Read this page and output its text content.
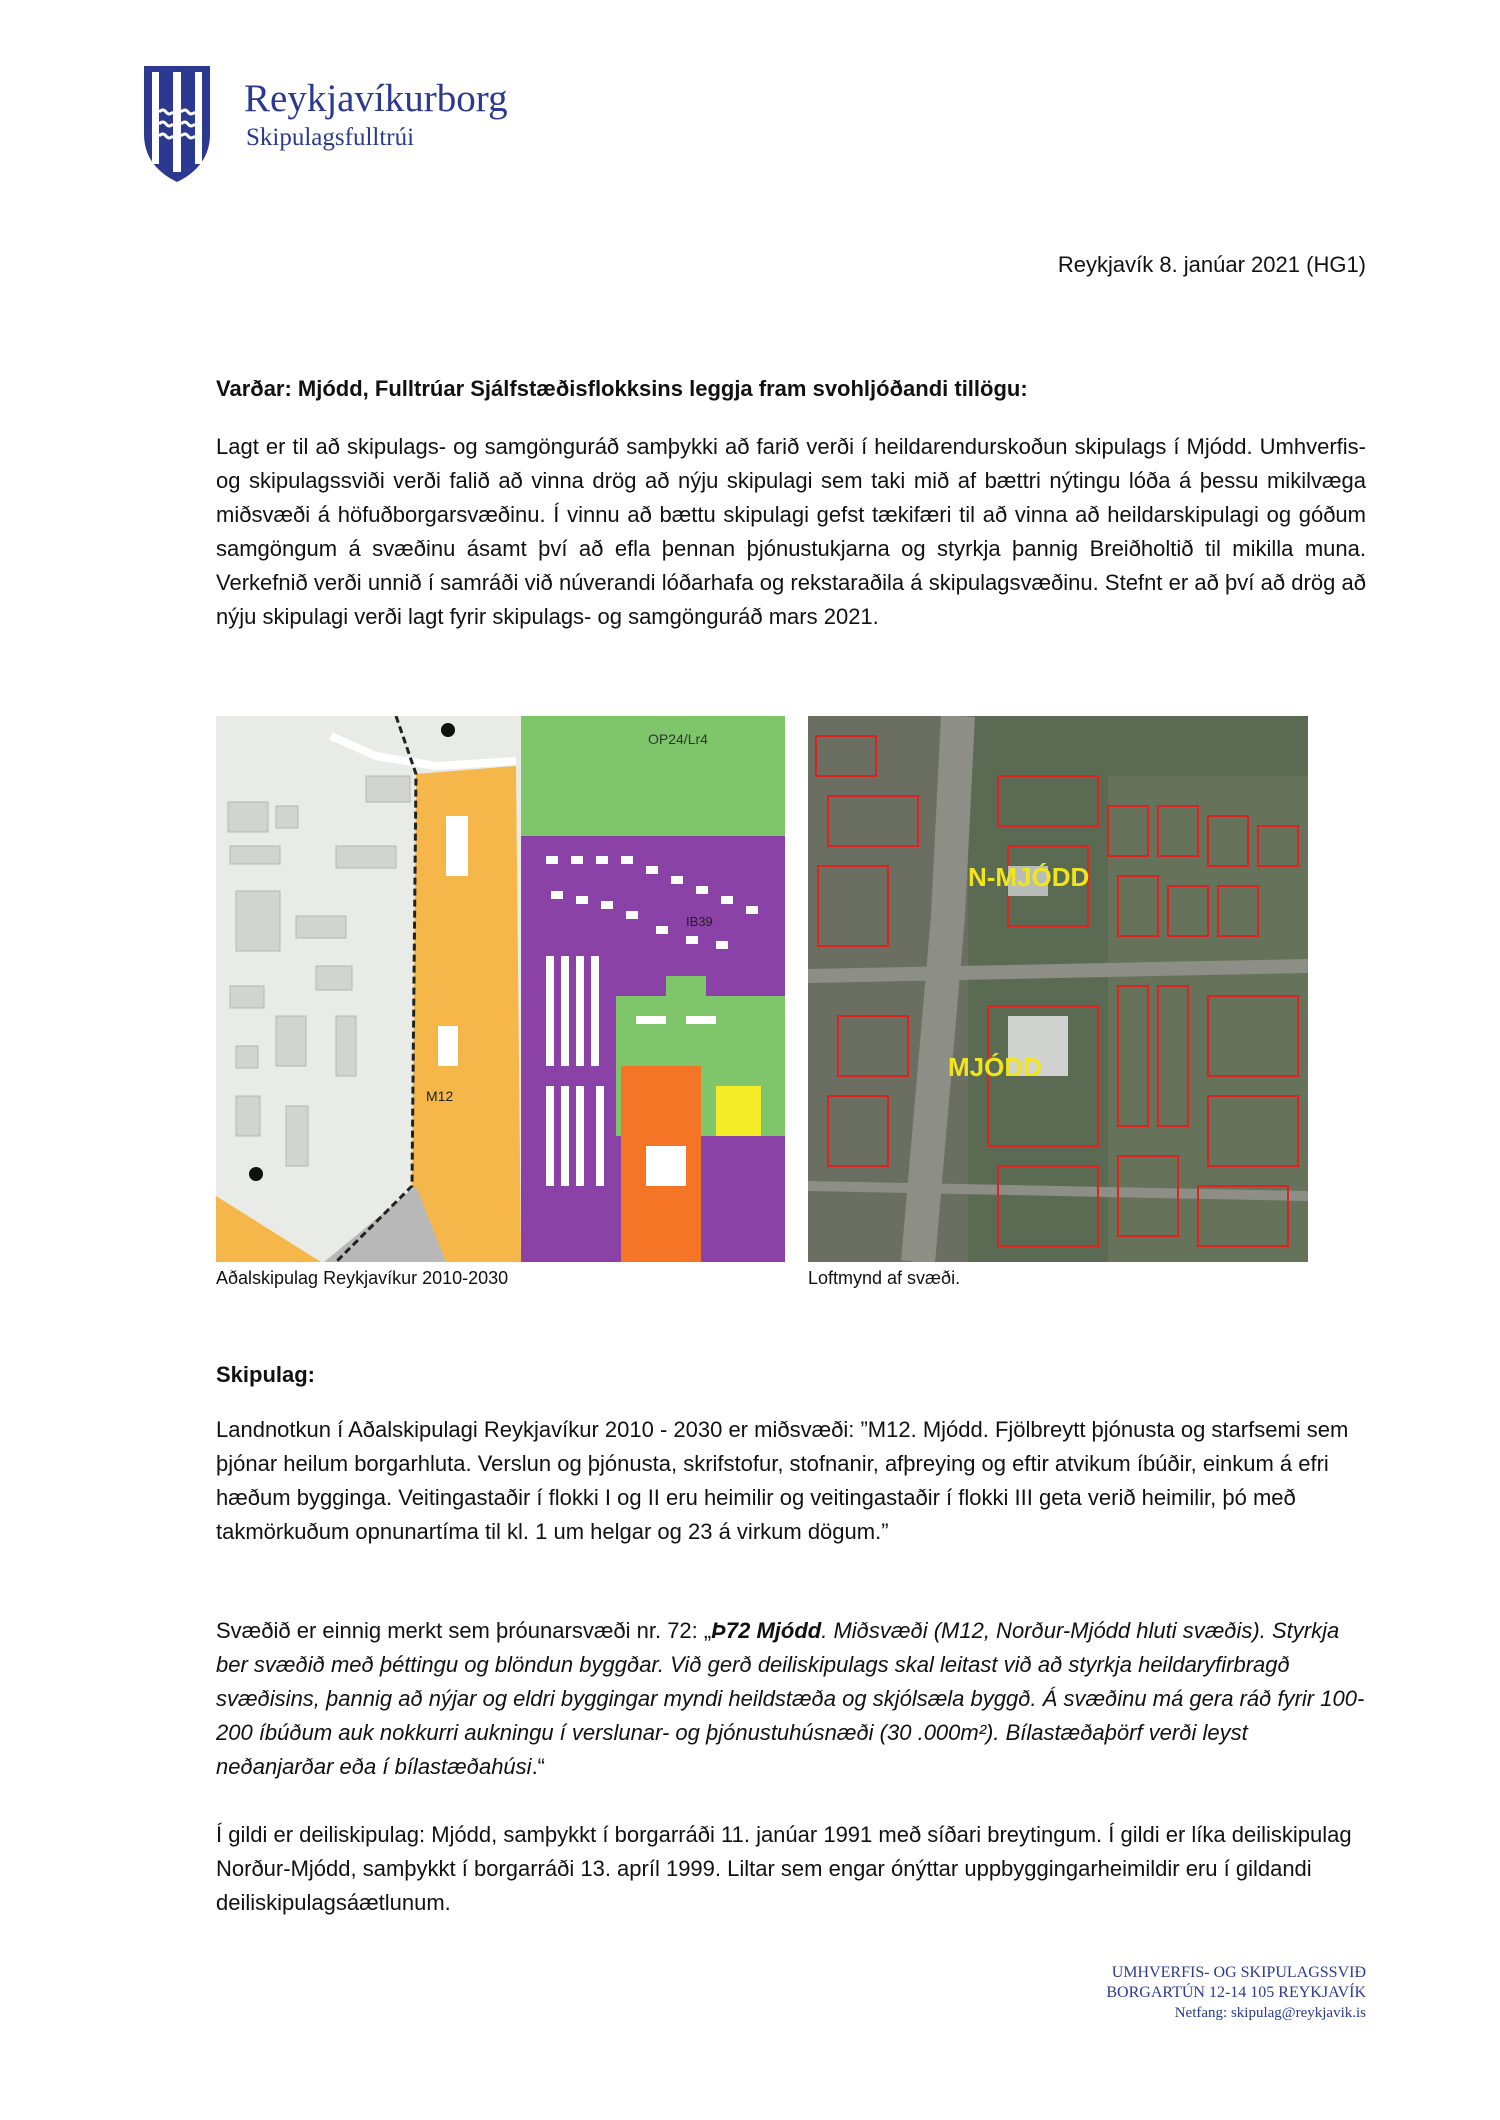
Reykjavíkurborg
Skipulagsfulltrúi
Reykjavík 8. janúar 2021 (HG1)

Varðar: Mjódd, Fulltrúar Sjálfstæðisflokksins leggja fram svohljóðandi tillögu:

Lagt er til að skipulags- og samgönguráð samþykki að farið verði í heildarendurskoðun skipulags í Mjódd. Umhverfis- og skipulagssviði verði falið að vinna drög að nýju skipulagi sem taki mið af bættri nýtingu lóða á þessu mikilvæga miðsvæði á höfuðborgarsvæðinu. Í vinnu að bættu skipulagi gefst tækifæri til að vinna að heildarskipulagi og góðum samgöngum á svæðinu ásamt því að efla þennan þjónustukjarna og styrkja þannig Breiðholtið til mikilla muna. Verkefnið verði unnið í samráði við núverandi lóðarhafa og rekstaraðila á skipulagsvæðinu. Stefnt er að því að drög að nýju skipulagi verði lagt fyrir skipulags- og samgönguráð mars 2021.

OP24/Lr4
IB39
M12
Aðalskipulag Reykjavíkur 2010-2030
N-MJÓDD
MJÓDD
Loftmynd af svæði.

Skipulag:

Landnotkun í Aðalskipulagi Reykjavíkur 2010 - 2030 er miðsvæði: ”M12. Mjódd. Fjölbreytt þjónusta og starfsemi sem þjónar heilum borgarhluta. Verslun og þjónusta, skrifstofur, stofnanir, afþreying og eftir atvikum íbúðir, einkum á efri hæðum bygginga. Veitingastaðir í flokki I og II eru heimilir og veitingastaðir í flokki III geta verið heimilir, þó með takmörkuðum opnunartíma til kl. 1 um helgar og 23 á virkum dögum.”

Svæðið er einnig merkt sem þróunarsvæði nr. 72: „Þ72 Mjódd. Miðsvæði (M12, Norður-Mjódd hluti svæðis). Styrkja ber svæðið með þéttingu og blöndun byggðar. Við gerð deiliskipulags skal leitast við að styrkja heildaryfirbragð svæðisins, þannig að nýjar og eldri byggingar myndi heildstæða og skjólsæla byggð. Á svæðinu má gera ráð fyrir 100-200 íbúðum auk nokkurri aukningu í verslunar- og þjónustuhúsnæði (30 .000m²). Bílastæðaþörf verði leyst neðanjarðar eða í bílastæðahúsi.“

Í gildi er deiliskipulag: Mjódd, samþykkt í borgarráði 11. janúar 1991 með síðari breytingum. Í gildi er líka deiliskipulag Norður-Mjódd, samþykkt í borgarráði 13. apríl 1999. Liltar sem engar ónýttar uppbyggingarheimildir eru í gildandi deiliskipulagsáætlunum.

UMHVERFIS- OG SKIPULAGSSVIÐ
BORGARTÚN 12-14 105 REYKJAVÍK
Netfang: skipulag@reykjavik.is
